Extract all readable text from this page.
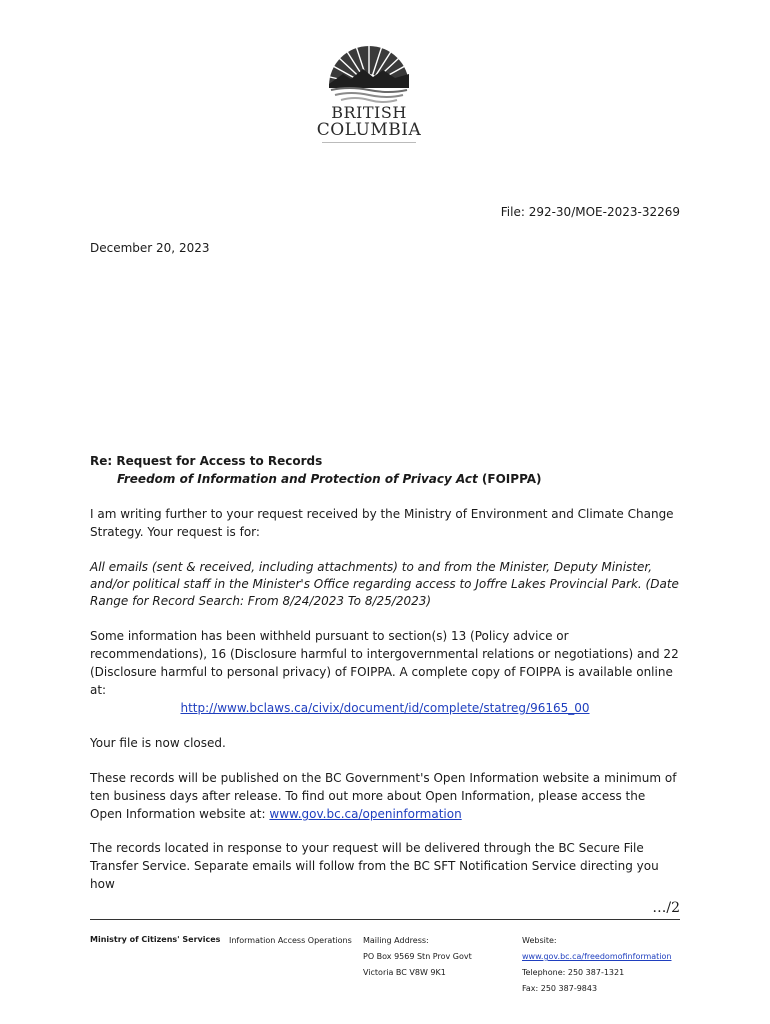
BRITISH
COLUMBIA
File: 292-30/MOE-2023-32269
December 20, 2023
Re: Request for Access to Records
Freedom of Information and Protection of Privacy Act (FOIPPA)
I am writing further to your request received by the Ministry of Environment and Climate Change Strategy. Your request is for:
All emails (sent & received, including attachments) to and from the Minister, Deputy Minister, and/or political staff in the Minister's Office regarding access to Joffre Lakes Provincial Park. (Date Range for Record Search: From 8/24/2023 To 8/25/2023)
Some information has been withheld pursuant to section(s) 13 (Policy advice or recommendations), 16 (Disclosure harmful to intergovernmental relations or negotiations) and 22 (Disclosure harmful to personal privacy) of FOIPPA. A complete copy of FOIPPA is available online at:
http://www.bclaws.ca/civix/document/id/complete/statreg/96165_00
Your file is now closed.
These records will be published on the BC Government's Open Information website a minimum of ten business days after release. To find out more about Open Information, please access the Open Information website at: www.gov.bc.ca/openinformation
The records located in response to your request will be delivered through the BC Secure File Transfer Service. Separate emails will follow from the BC SFT Notification Service directing you how
…/2
Ministry of Citizens' Services Information Access Operations Mailing Address:
PO Box 9569 Stn Prov Govt
Victoria BC V8W 9K1
Website:
www.gov.bc.ca/freedomofinformation
Telephone: 250 387-1321
Fax: 250 387-9843
